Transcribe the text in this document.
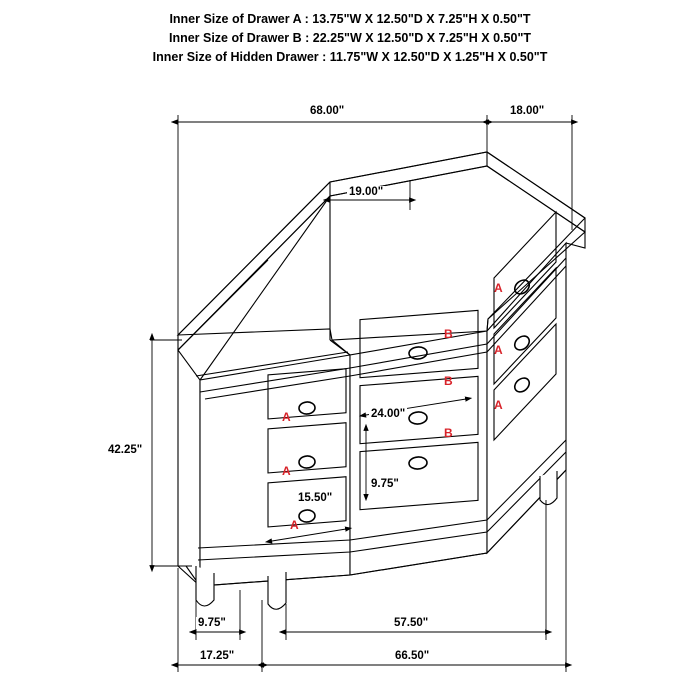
Inner Size of Drawer A : 13.75"W X 12.50"D X 7.25"H X 0.50"T
Inner Size of Drawer B : 22.25"W X 12.50"D X 7.25"H X 0.50"T
Inner Size of Hidden Drawer : 11.75"W X 12.50"D X 1.25"H X 0.50"T
68.00"	18.00"
19.00"
42.25"
24.00"
15.50"
9.75"
9.75"	57.50"
17.25"	66.50"
A
A
A
B
B
B
A
A
A
